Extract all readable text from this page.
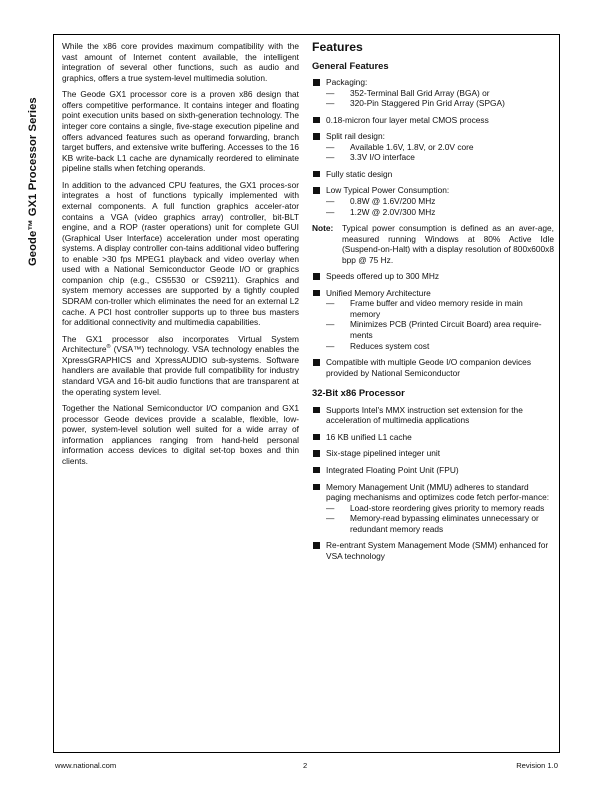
Geode™ GX1 Processor Series

While the x86 core provides maximum compatibility with the vast amount of Internet content available, the intelligent integration of several other functions, such as audio and graphics, offers a true system-level multimedia solution.

The Geode GX1 processor core is a proven x86 design that offers competitive performance. It contains integer and floating point execution units based on sixth-generation technology. The integer core contains a single, five-stage execution pipeline and offers advanced features such as operand forwarding, branch target buffers, and extensive write buffering. Accesses to the 16 KB write-back L1 cache are dynamically reordered to eliminate pipeline stalls when fetching operands.

In addition to the advanced CPU features, the GX1 proces-sor integrates a host of functions typically implemented with external components. A full function graphics acceler-ator contains a VGA (video graphics array) controller, bit-BLT engine, and a ROP (raster operations) unit for complete GUI (Graphical User Interface) acceleration under most operating systems. A display controller con-tains additional video buffering to enable >30 fps MPEG1 playback and video overlay when used with a National Semiconductor Geode I/O or graphics companion chip (e.g., CS5530 or CS9211). Graphics and system memory accesses are supported by a tightly coupled SDRAM con-troller which eliminates the need for an external L2 cache. A PCI host controller supports up to three bus masters for additional connectivity and multimedia capabilities.

The GX1 processor also incorporates Virtual System Architecture® (VSA™) technology. VSA technology enables the XpressGRAPHICS and XpressAUDIO sub-systems. Software handlers are available that provide full compatibility for industry standard VGA and 16-bit audio functions that are transparent at the operating system level.

Together the National Semiconductor I/O companion and GX1 processor Geode devices provide a scalable, flexible, low-power, system-level solution well suited for a wide array of information appliances ranging from hand-held personal information access devices to digital set-top boxes and thin clients.

Features
General Features
Packaging:
— 352-Terminal Ball Grid Array (BGA) or
— 320-Pin Staggered Pin Grid Array (SPGA)
0.18-micron four layer metal CMOS process
Split rail design:
— Available 1.6V, 1.8V, or 2.0V core
— 3.3V I/O interface
Fully static design
Low Typical Power Consumption:
— 0.8W @ 1.6V/200 MHz
— 1.2W @ 2.0V/300 MHz
Note: Typical power consumption is defined as an aver-age, measured running Windows at 80% Active Idle (Suspend-on-Halt) with a display resolution of 800x600x8 bpp @ 75 Hz.
Speeds offered up to 300 MHz
Unified Memory Architecture
— Frame buffer and video memory reside in main memory
— Minimizes PCB (Printed Circuit Board) area require-ments
— Reduces system cost
Compatible with multiple Geode I/O companion devices provided by National Semiconductor
32-Bit x86 Processor
Supports Intel's MMX instruction set extension for the acceleration of multimedia applications
16 KB unified L1 cache
Six-stage pipelined integer unit
Integrated Floating Point Unit (FPU)
Memory Management Unit (MMU) adheres to standard paging mechanisms and optimizes code fetch perfor-mance:
— Load-store reordering gives priority to memory reads
— Memory-read bypassing eliminates unnecessary or redundant memory reads
Re-entrant System Management Mode (SMM) enhanced for VSA technology
www.national.com	2	Revision 1.0
